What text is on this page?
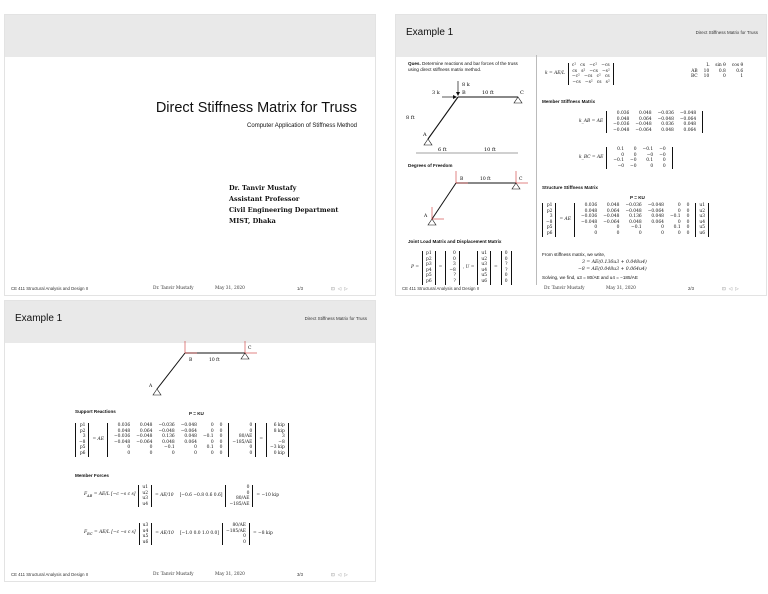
Direct Stiffness Matrix for Truss
Computer Application of Stiffness Method
Dr. Tanvir Mustafy
Assistant Professor
Civil Engineering Department
MIST, Dhaka
CE 411 Structural Analysis and Design II	Dr. Tanvir Mustafy	May 31, 2020	1/3	⊡ ◁ ▷
Example 1	Direct Stiffness Matrix for Truss
Ques. Determine reactions and bar forces of the truss using direct stiffness matrix method.
8 k
3 k	B	10 ft	C
A
8 ft
6 ft	10 ft
Degrees of Freedom
B	10 ft	C
A
Joint Load Matrix and Displacement Matrix
P =	
p1
p2
p3
p4
p5
p6
	=	
0
0
3
−8
?
?
	, U =	
u1
u2
u3
u4
u5
u6
	=	
0
0
?
?
0
0
k = AE/L	
c²   cs   −c²   −cs
cs   s²   −cs   −s²
−c²   −cs   c²   cs
−cs   −s²   cs   s²
	L	sin θ	cos θ
AB	10	0.8	0.6
BC	10	0	1
Member Stiffness Matrix
k_AB = AE	
0.036	0.048	−0.036	−0.048
0.048	0.064	−0.048	−0.064
−0.036	−0.048	0.036	0.048
−0.048	−0.064	0.048	0.064
k_BC = AE	
0.1	0	−0.1	−0
0	0	−0	−0
−0.1	−0	0.1	0
−0	−0	0	0
Structure Stiffness Matrix
P = KU
p1
p2
3
−8
p5
p6
	= AE	
0.036	0.048	−0.036	−0.048	0	0
0.048	0.064	−0.048	−0.064	0	0
−0.036	−0.048	0.136	0.048	−0.1	0
−0.048	−0.064	0.048	0.064	0	0
0	0	−0.1	0	0.1	0
0	0	0	0	0	0

u1
u2
u3
u4
u5
u6
From stiffness matrix, we write,
3 = AE(0.136u3 + 0.048u4)
−8 = AE(0.048u3 + 0.064u4)
Solving, we find, u3 = 80/AE and u4 = −185/AE
CE 411 Structural Analysis and Design II	Dr. Tanvir Mustafy	May 31, 2020	2/3	⊡ ◁ ▷
Example 1	Direct Stiffness Matrix for Truss
B	10 ft
C
A
Support Reactions	P = KU
p1
p2
3
−8
p5
p6
	= AE	
0.036	0.048	−0.036	−0.048	0	0
0.048	0.064	−0.048	−0.064	0	0
−0.036	−0.048	0.136	0.048	−0.1	0
−0.048	−0.064	0.048	0.064	0	0
0	0	−0.1	0	0.1	0
0	0	0	0	0	0

0
0
80/AE
−185/AE
0
0
	=	
6 kip
8 kip
3
−8
−3 kip
0 kip
Member Forces
$F_{AB} = AE/L$ [−c −s c s]	
u1
u2
u3
u4
	= AE/10	[−0.6 −0.8 0.6 0.6]	
0
0
80/AE
−185/AE
	= −10 kip
$F_{BC} = AE/L$ [−c −s c s]	
u3
u4
u5
u6
	= AE/10	[−1.0 0.0 1.0 0.0]	
80/AE
−185/AE
0
0
	= −8 kip
CE 411 Structural Analysis and Design II	Dr. Tanvir Mustafy	May 31, 2020	3/3	⊡ ◁ ▷
